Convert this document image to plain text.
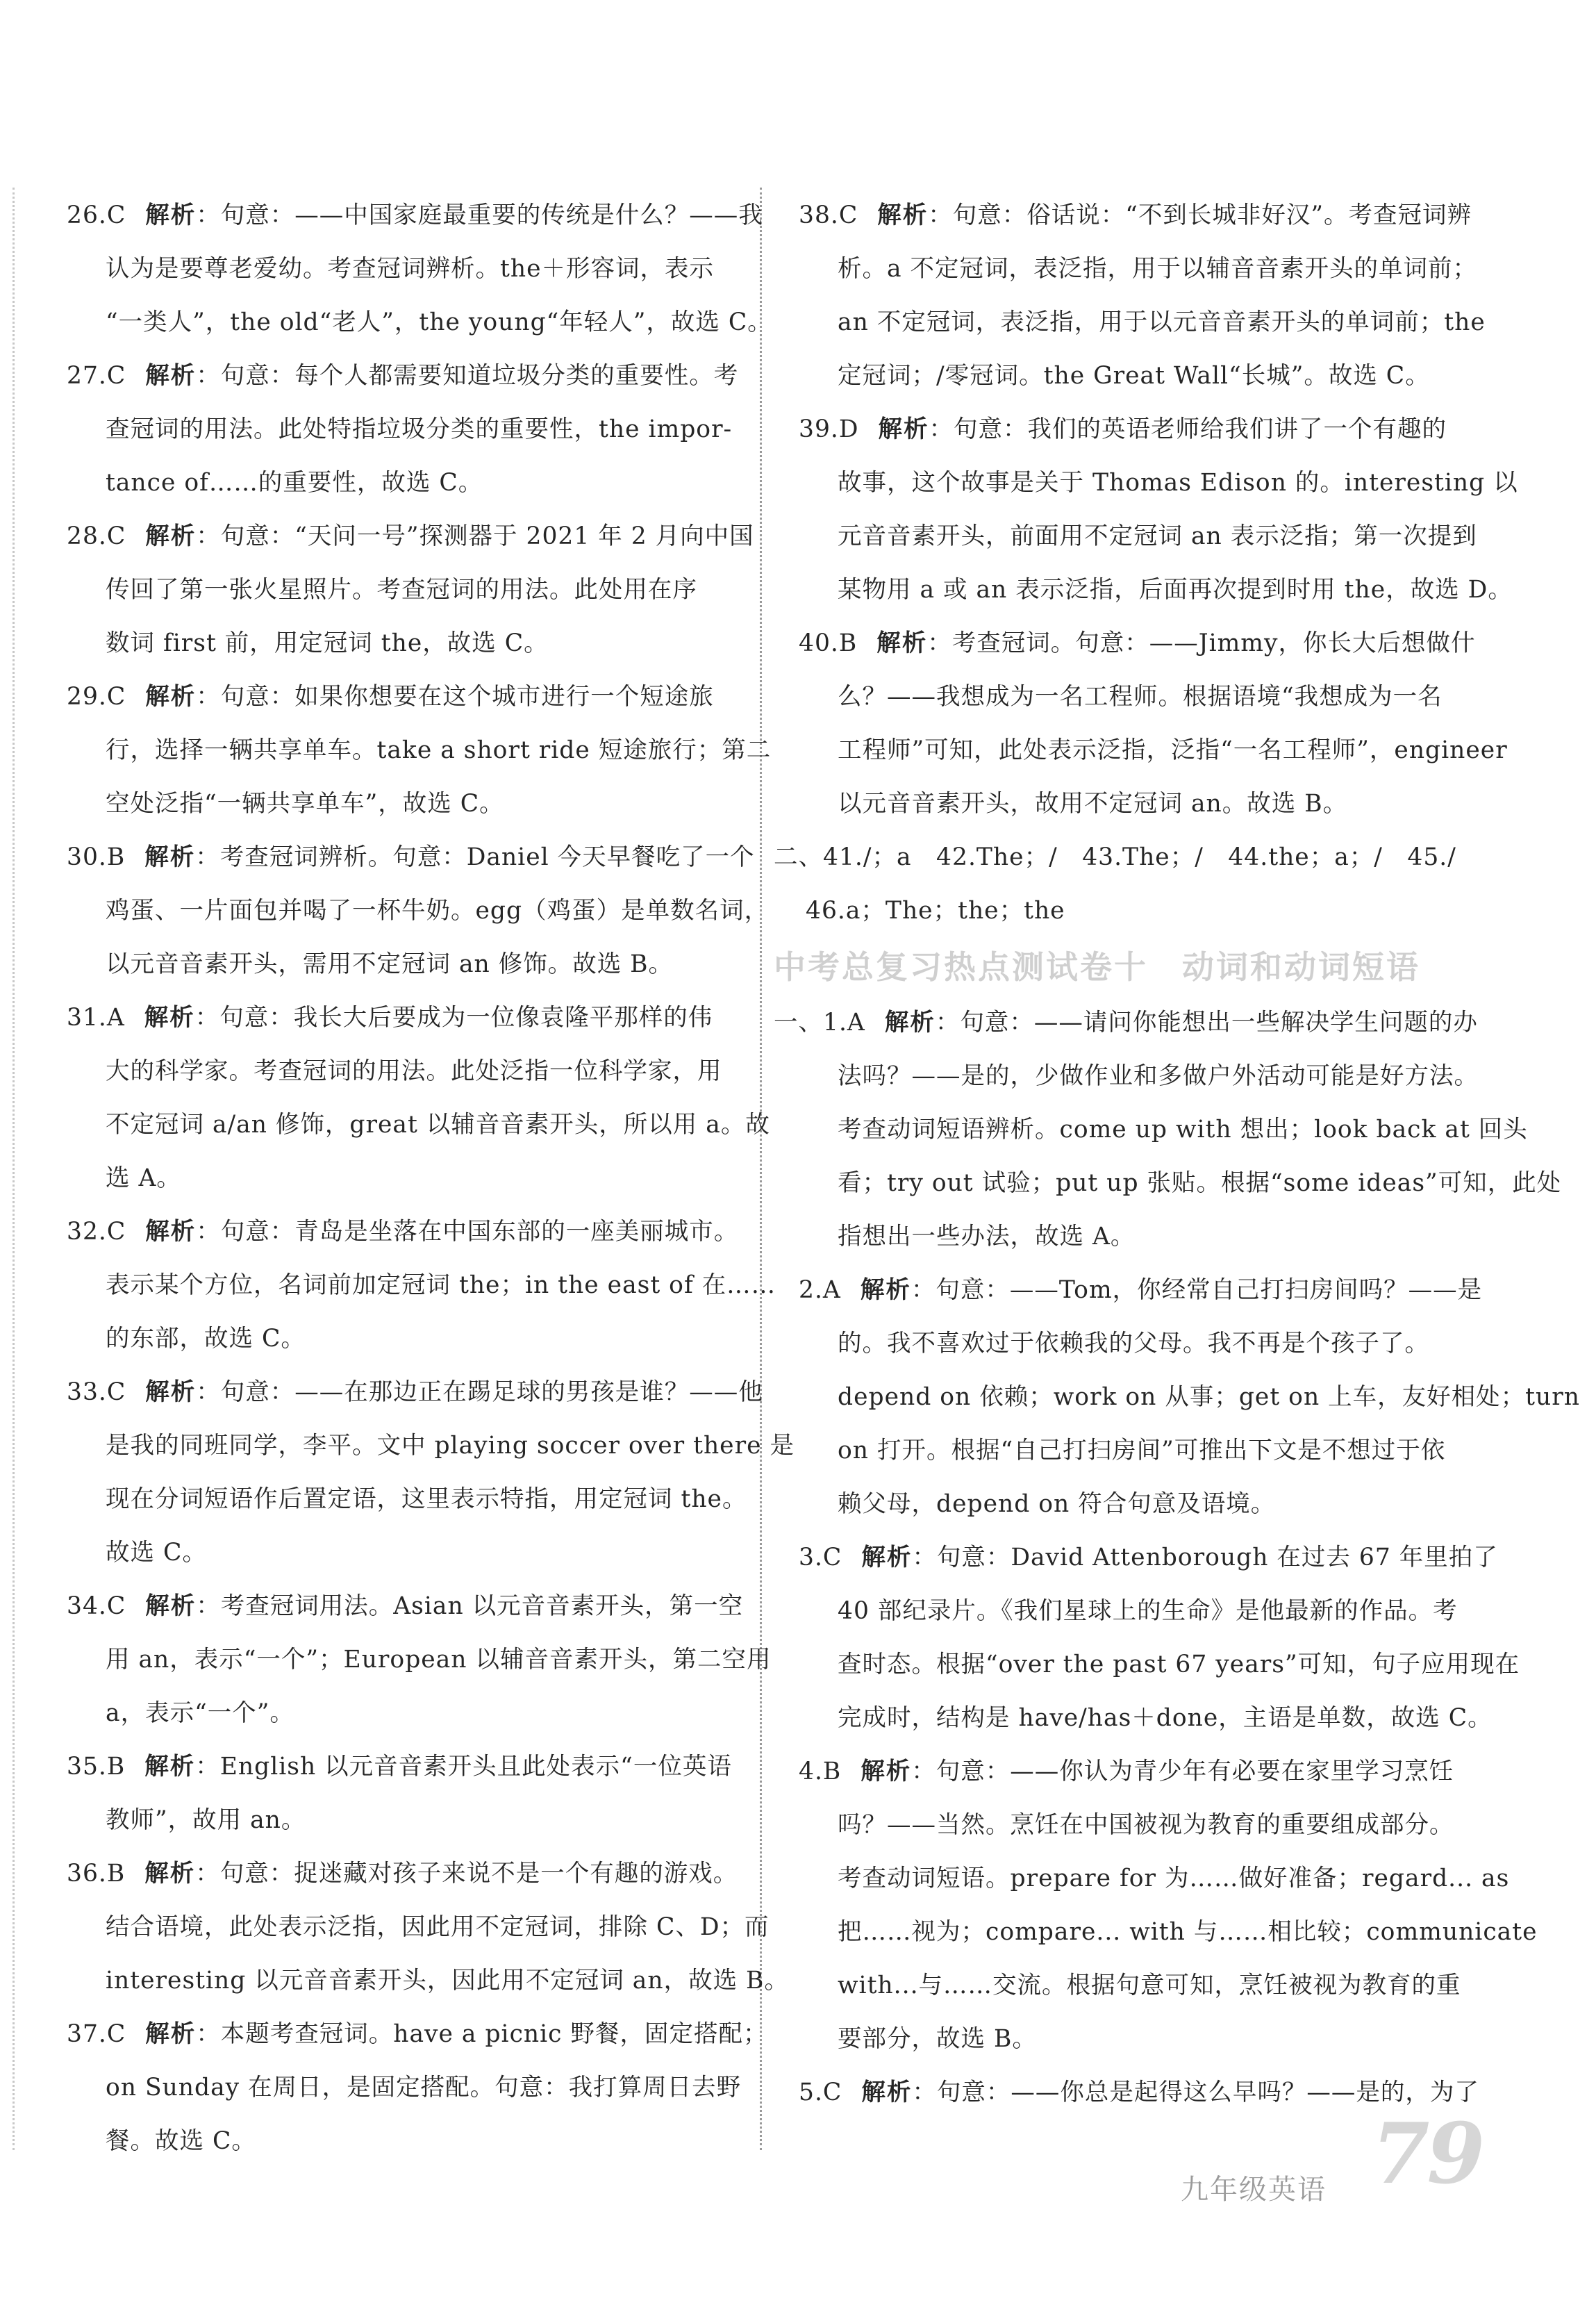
26.C 解析：句意：——中国家庭最重要的传统是什么？——我
认为是要尊老爱幼。考查冠词辨析。the＋形容词，表示
“一类人”，the old“老人”，the young“年轻人”，故选 C。
27.C 解析：句意：每个人都需要知道垃圾分类的重要性。考
查冠词的用法。此处特指垃圾分类的重要性，the impor-
tance of……的重要性，故选 C。
28.C 解析：句意：“天问一号”探测器于 2021 年 2 月向中国
传回了第一张火星照片。考查冠词的用法。此处用在序
数词 first 前，用定冠词 the，故选 C。
29.C 解析：句意：如果你想要在这个城市进行一个短途旅
行，选择一辆共享单车。take a short ride 短途旅行；第二
空处泛指“一辆共享单车”，故选 C。
30.B 解析：考查冠词辨析。句意：Daniel 今天早餐吃了一个
鸡蛋、一片面包并喝了一杯牛奶。egg（鸡蛋）是单数名词，
以元音音素开头，需用不定冠词 an 修饰。故选 B。
31.A 解析：句意：我长大后要成为一位像袁隆平那样的伟
大的科学家。考查冠词的用法。此处泛指一位科学家，用
不定冠词 a/an 修饰，great 以辅音音素开头，所以用 a。故
选 A。
32.C 解析：句意：青岛是坐落在中国东部的一座美丽城市。
表示某个方位，名词前加定冠词 the；in the east of 在……
的东部，故选 C。
33.C 解析：句意：——在那边正在踢足球的男孩是谁？——他
是我的同班同学，李平。文中 playing soccer over there 是
现在分词短语作后置定语，这里表示特指，用定冠词 the。
故选 C。
34.C 解析：考查冠词用法。Asian 以元音音素开头，第一空
用 an，表示“一个”；European 以辅音音素开头，第二空用
a，表示“一个”。
35.B 解析：English 以元音音素开头且此处表示“一位英语
教师”，故用 an。
36.B 解析：句意：捉迷藏对孩子来说不是一个有趣的游戏。
结合语境，此处表示泛指，因此用不定冠词，排除 C、D；而
interesting 以元音音素开头，因此用不定冠词 an，故选 B。
37.C 解析：本题考查冠词。have a picnic 野餐，固定搭配；
on Sunday 在周日，是固定搭配。句意：我打算周日去野
餐。故选 C。
38.C 解析：句意：俗话说：“不到长城非好汉”。考查冠词辨
析。a 不定冠词，表泛指，用于以辅音音素开头的单词前；
an 不定冠词，表泛指，用于以元音音素开头的单词前；the
定冠词；/零冠词。the Great Wall“长城”。故选 C。
39.D 解析：句意：我们的英语老师给我们讲了一个有趣的
故事，这个故事是关于 Thomas Edison 的。interesting 以
元音音素开头，前面用不定冠词 an 表示泛指；第一次提到
某物用 a 或 an 表示泛指，后面再次提到时用 the，故选 D。
40.B 解析：考查冠词。句意：——Jimmy，你长大后想做什
么？——我想成为一名工程师。根据语境“我想成为一名
工程师”可知，此处表示泛指，泛指“一名工程师”，engineer
以元音音素开头，故用不定冠词 an。故选 B。
二、41./；a　42.The；/　43.The；/　44.the；a；/　45./
46.a；The；the；the
中考总复习热点测试卷十　动词和动词短语
一、1.A 解析：句意：——请问你能想出一些解决学生问题的办
法吗？——是的，少做作业和多做户外活动可能是好方法。
考查动词短语辨析。come up with 想出；look back at 回头
看；try out 试验；put up 张贴。根据“some ideas”可知，此处
指想出一些办法，故选 A。
2.A 解析：句意：——Tom，你经常自己打扫房间吗？——是
的。我不喜欢过于依赖我的父母。我不再是个孩子了。
depend on 依赖；work on 从事；get on 上车，友好相处；turn
on 打开。根据“自己打扫房间”可推出下文是不想过于依
赖父母，depend on 符合句意及语境。
3.C 解析：句意：David Attenborough 在过去 67 年里拍了
40 部纪录片。《我们星球上的生命》是他最新的作品。考
查时态。根据“over the past 67 years”可知，句子应用现在
完成时，结构是 have/has＋done，主语是单数，故选 C。
4.B 解析：句意：——你认为青少年有必要在家里学习烹饪
吗？——当然。烹饪在中国被视为教育的重要组成部分。
考查动词短语。prepare for 为……做好准备；regard... as
把……视为；compare... with 与……相比较；communicate
with...与……交流。根据句意可知，烹饪被视为教育的重
要部分，故选 B。
5.C 解析：句意：——你总是起得这么早吗？——是的，为了
79
九年级英语
